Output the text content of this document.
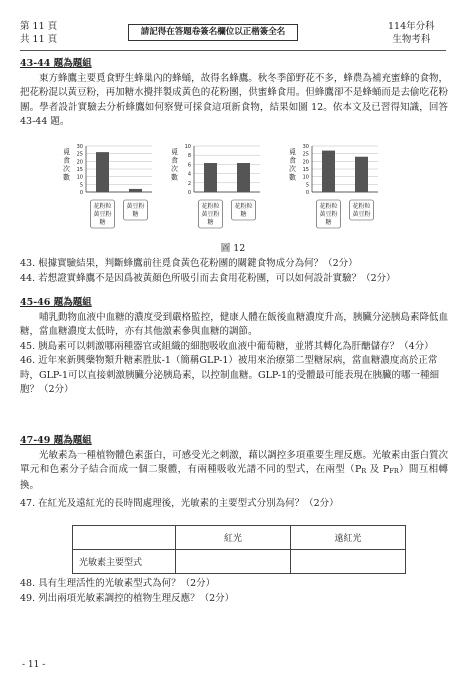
第 11 頁
共 11 頁
請記得在答題卷簽名欄位以正楷簽全名	114年分科
生物考科
43-44 題為題組
東方蜂鷹主要覓食野生蜂巢內的蜂蛹，故得名蜂鷹。秋冬季節野花不多，蜂農為補充蜜蜂的食物，把花粉混以黃豆粉，再加糖水攪拌製成黃色的花粉團，供蜜蜂食用。但蜂鷹卻不是蜂蛹而是去偷吃花粉團。學者設計實驗去分析蜂鷹如何察覺可採食這項新食物，結果如圖 12。依本文及已習得知識，回答 43-44 題。
覓食次數
30
25
20
15
10
5
0
花粉粒黃豆粉糖
黃豆粉糖
覓食次數
10
8
6
4
2
0
花粉粒黃豆粉糖
花粉粒糖
覓食次數
30
25
20
15
10
5
0
花粉粒黃豆粉糖
花粉粒黃豆粉
圖 12
43. 根據實驗結果，判斷蜂鷹前往覓食黃色花粉團的關鍵食物成分為何？（2分）
44. 若想證實蜂鷹不是因爲被黃顏色所吸引而去食用花粉團，可以如何設計實驗？（2分）
45-46 題為題組
哺乳動物血液中血糖的濃度受到嚴格監控，健康人體在飯後血糖濃度升高，胰臟分泌胰島素降低血糖，當血糖濃度太低時，亦有其他激素參與血糖的調節。
45. 胰島素可以刺激哪兩種器官或組織的細胞吸收血液中葡萄糖，並將其轉化為肝醣儲存？（4分）
46. 近年來新興藥物類升糖素胜肽-1（簡稱GLP-1）被用來治療第二型糖尿病，當血糖濃度高於正常時，GLP-1可以直接刺激胰臟分泌胰島素，以控制血糖。GLP-1的受體最可能表現在胰臟的哪一種細胞？（2分）
47-49 題為題組
光敏素為一種植物體色素蛋白，可感受光之刺激，藉以調控多項重要生理反應。光敏素由蛋白質次單元和色素分子結合而成一個二聚體，有兩種吸收光譜不同的型式，在兩型（PR 及 PFR）間互相轉換。
47. 在紅光及遠紅光的長時間處理後，光敏素的主要型式分別為何？（2分）
	紅光	遠紅光
光敏素主要型式		
48. 具有生理活性的光敏素型式為何？（2分）
49. 列出兩項光敏素調控的植物生理反應？（2分）
- 11 -
